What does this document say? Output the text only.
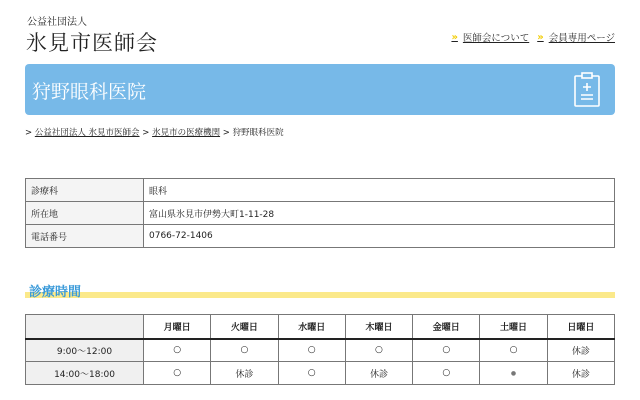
公益社団法人
氷見市医師会	» 医師会について » 会員専用ページ
狩野眼科医院
> 公益社団法人 氷見市医師会 > 氷見市の医療機関 > 狩野眼科医院
診療科	眼科
所在地	富山県氷見市伊勢大町1-11-28
電話番号	0766-72-1406
診療時間
	月曜日	火曜日	水曜日	木曜日	金曜日	土曜日	日曜日
9:00～12:00	○	○	○	○	○	○	休診
14:00～18:00	○	休診	○	休診	○	●	休診
